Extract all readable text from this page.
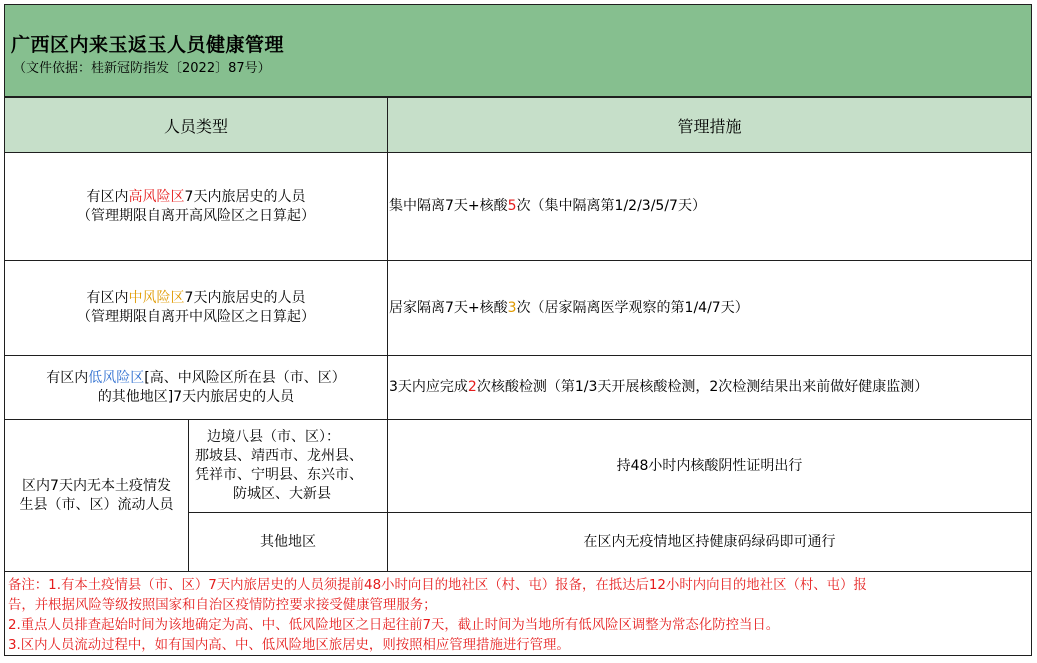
广西区内来玉返玉人员健康管理
（文件依据：桂新冠防指发〔2022〕87号）
人员类型	管理措施
有区内高风险区7天内旅居史的人员
（管理期限自离开高风险区之日算起）
集中隔离7天+核酸 5 次（集中隔离第1/2/3/5/7天）
有区内中风险区7天内旅居史的人员
（管理期限自离开中风险区之日算起）
居家隔离7天+核酸 3 次（居家隔离医学观察的第1/4/7天）
有区内低风险区[高、中风险区所在县（市、区）
的其他地区]7天内旅居史的人员
3天内应完成 2 次核酸检测（第1/3天开展核酸检测，2次检测结果出来前做好健康监测）
区内7天内无本土疫情发
生县（市、区）流动人员
边境八县（市、区）：
那坡县、靖西市、龙州县、
凭祥市、宁明县、东兴市、
防城区、大新县
持48小时内核酸阴性证明出行
其他地区	在区内无疫情地区持健康码绿码即可通行
备注：1.有本土疫情县（市、区）7天内旅居史的人员须提前48小时向目的地社区（村、屯）报备，在抵达后12小时内向目的地社区（村、屯）报
告，并根据风险等级按照国家和自治区疫情防控要求接受健康管理服务；
2.重点人员排查起始时间为该地确定为高、中、低风险地区之日起往前7天，截止时间为当地所有低风险区调整为常态化防控当日。
3.区内人员流动过程中，如有国内高、中、低风险地区旅居史，则按照相应管理措施进行管理。
